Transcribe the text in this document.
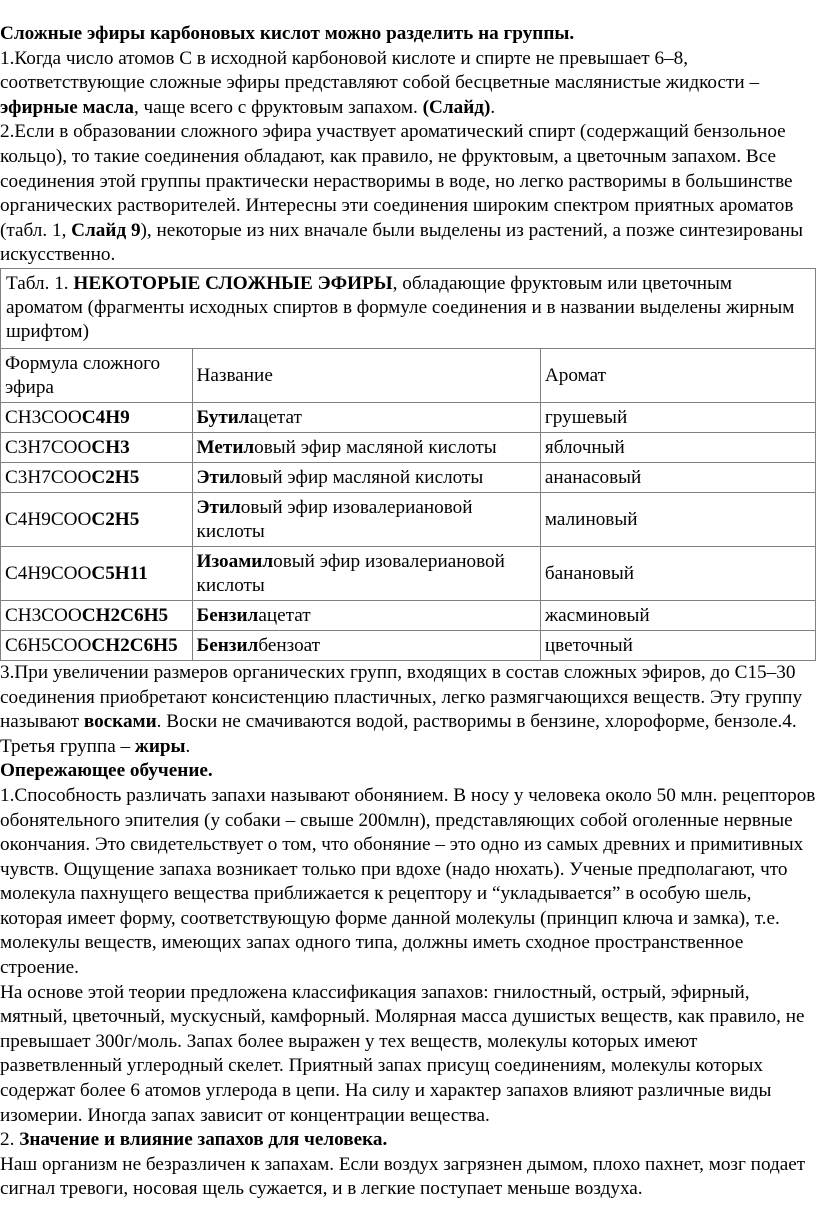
Сложные эфиры карбоновых кислот можно разделить на группы.

1.Когда число атомов С в исходной карбоновой кислоте и спирте не превышает 6–8, соответствующие сложные эфиры представляют собой бесцветные маслянистые жидкости – эфирные масла, чаще всего с фруктовым запахом. (Слайд).

2.Если в образовании сложного эфира участвует ароматический спирт (содержащий бензольное кольцо), то такие соединения обладают, как правило, не фруктовым, а цветочным запахом. Все соединения этой группы практически нерастворимы в воде, но легко растворимы в большинстве органических растворителей. Интересны эти соединения широким спектром приятных ароматов (табл. 1, Слайд 9), некоторые из них вначале были выделены из растений, а позже синтезированы искусственно.

Табл. 1. НЕКОТОРЫЕ СЛОЖНЫЕ ЭФИРЫ, обладающие фруктовым или цветочным ароматом (фрагменты исходных спиртов в формуле соединения и в названии выделены жирным шрифтом)		
Формула сложного эфира	Название	Аромат
CH3COOC4H9	Бутилацетат	грушевый
C3H7COOCH3	Метиловый эфир масляной кислоты	яблочный
C3H7COOC2H5	Этиловый эфир масляной кислоты	ананасовый
C4H9COOC2H5	Этиловый эфир изовалериановой кислоты	малиновый
C4H9COOC5H11	Изоамиловый эфир изовалериановой кислоты	банановый
CH3COOCH2C6H5	Бензилацетат	жасминовый
C6H5COOCH2C6H5	Бензилбензоат	цветочный

3.При увеличении размеров органических групп, входящих в состав сложных эфиров, до С15–30 соединения приобретают консистенцию пластичных, легко размягчающихся веществ. Эту группу называют восками. Воски не смачиваются водой, растворимы в бензине, хлороформе, бензоле.4. Третья группа – жиры.

Опережающее обучение.

1.Способность различать запахи называют обонянием. В носу у человека около 50 млн. рецепторов обонятельного эпителия (у собаки – свыше 200млн), представляющих собой оголенные нервные окончания. Это свидетельствует о том, что обоняние – это одно из самых древних и примитивных чувств. Ощущение запаха возникает только при вдохе (надо нюхать). Ученые предполагают, что молекула пахнущего вещества приближается к рецептору и “укладывается” в особую шель, которая имеет форму, соответствующую форме данной молекулы (принцип ключа и замка), т.е. молекулы веществ, имеющих запах одного типа, должны иметь сходное пространственное строение.

На основе этой теории предложена классификация запахов: гнилостный, острый, эфирный, мятный, цветочный, мускусный, камфорный. Молярная масса душистых веществ, как правило, не превышает 300г/моль. Запах более выражен у тех веществ, молекулы которых имеют разветвленный углеродный скелет. Приятный запах присущ соединениям, молекулы которых содержат более 6 атомов углерода в цепи. На силу и характер запахов влияют различные виды изомерии. Иногда запах зависит от концентрации вещества.

2. Значение и влияние запахов для человека.

Наш организм не безразличен к запахам. Если воздух загрязнен дымом, плохо пахнет, мозг подает сигнал тревоги, носовая щель сужается, и в легкие поступает меньше воздуха.
